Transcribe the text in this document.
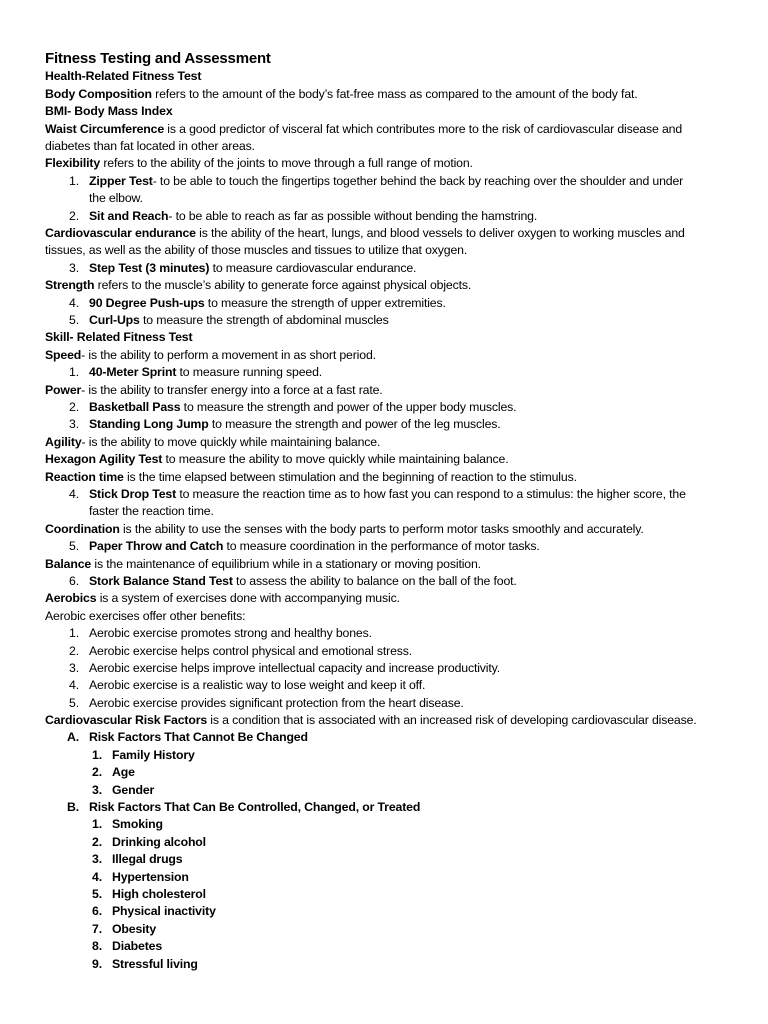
Fitness Testing and Assessment
Health-Related Fitness Test
Body Composition refers to the amount of the body’s fat-free mass as compared to the amount of the body fat.
BMI- Body Mass Index
Waist Circumference is a good predictor of visceral fat which contributes more to the risk of cardiovascular disease and
diabetes than fat located in other areas.
Flexibility refers to the ability of the joints to move through a full range of motion.
1. Zipper Test- to be able to touch the fingertips together behind the back by reaching over the shoulder and under
the elbow.
2. Sit and Reach- to be able to reach as far as possible without bending the hamstring.
Cardiovascular endurance is the ability of the heart, lungs, and blood vessels to deliver oxygen to working muscles and
tissues, as well as the ability of those muscles and tissues to utilize that oxygen.
3. Step Test (3 minutes) to measure cardiovascular endurance.
Strength refers to the muscle’s ability to generate force against physical objects.
4. 90 Degree Push-ups to measure the strength of upper extremities.
5. Curl-Ups to measure the strength of abdominal muscles
Skill- Related Fitness Test
Speed- is the ability to perform a movement in as short period.
1. 40-Meter Sprint to measure running speed.
Power- is the ability to transfer energy into a force at a fast rate.
2. Basketball Pass to measure the strength and power of the upper body muscles.
3. Standing Long Jump to measure the strength and power of the leg muscles.
Agility- is the ability to move quickly while maintaining balance.
Hexagon Agility Test to measure the ability to move quickly while maintaining balance.
Reaction time is the time elapsed between stimulation and the beginning of reaction to the stimulus.
4. Stick Drop Test to measure the reaction time as to how fast you can respond to a stimulus: the higher score, the
faster the reaction time.
Coordination is the ability to use the senses with the body parts to perform motor tasks smoothly and accurately.
5. Paper Throw and Catch to measure coordination in the performance of motor tasks.
Balance is the maintenance of equilibrium while in a stationary or moving position.
6. Stork Balance Stand Test to assess the ability to balance on the ball of the foot.
Aerobics is a system of exercises done with accompanying music.
Aerobic exercises offer other benefits:
1. Aerobic exercise promotes strong and healthy bones.
2. Aerobic exercise helps control physical and emotional stress.
3. Aerobic exercise helps improve intellectual capacity and increase productivity.
4. Aerobic exercise is a realistic way to lose weight and keep it off.
5. Aerobic exercise provides significant protection from the heart disease.
Cardiovascular Risk Factors is a condition that is associated with an increased risk of developing cardiovascular disease.
A. Risk Factors That Cannot Be Changed
1. Family History
2. Age
3. Gender
B. Risk Factors That Can Be Controlled, Changed, or Treated
1. Smoking
2. Drinking alcohol
3. Illegal drugs
4. Hypertension
5. High cholesterol
6. Physical inactivity
7. Obesity
8. Diabetes
9. Stressful living
